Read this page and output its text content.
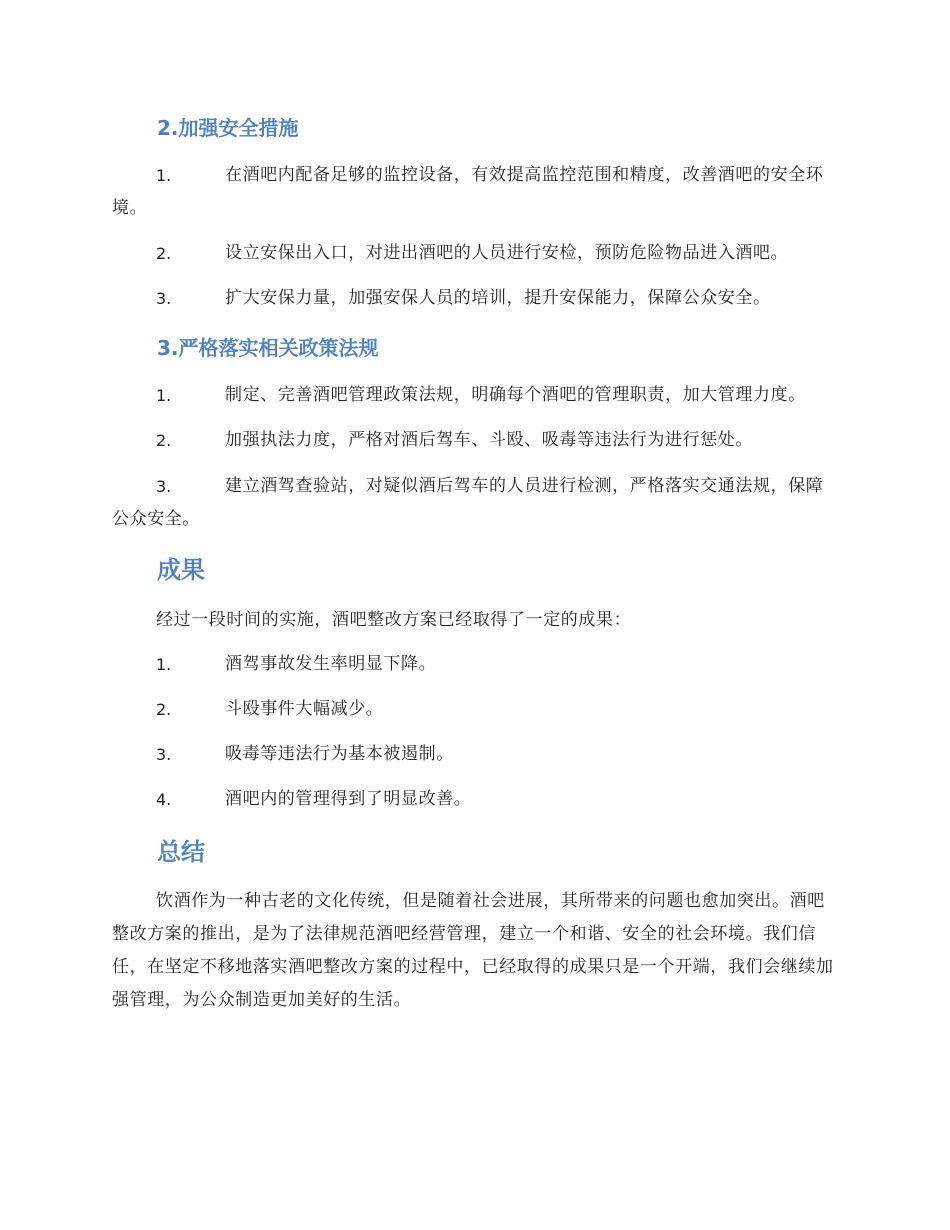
2.加强安全措施
1.	在酒吧内配备足够的监控设备，有效提高监控范围和精度，改善酒吧的安全环境。
2.	设立安保出入口，对进出酒吧的人员进行安检，预防危险物品进入酒吧。
3.	扩大安保力量，加强安保人员的培训，提升安保能力，保障公众安全。
3.严格落实相关政策法规
1.	制定、完善酒吧管理政策法规，明确每个酒吧的管理职责，加大管理力度。
2.	加强执法力度，严格对酒后驾车、斗殴、吸毒等违法行为进行惩处。
3.	建立酒驾查验站，对疑似酒后驾车的人员进行检测，严格落实交通法规，保障公众安全。
成果
经过一段时间的实施，酒吧整改方案已经取得了一定的成果：
1.	酒驾事故发生率明显下降。
2.	斗殴事件大幅减少。
3.	吸毒等违法行为基本被遏制。
4.	酒吧内的管理得到了明显改善。
总结
饮酒作为一种古老的文化传统，但是随着社会进展，其所带来的问题也愈加突出。酒吧整改方案的推出，是为了法律规范酒吧经营管理，建立一个和谐、安全的社会环境。我们信任，在坚定不移地落实酒吧整改方案的过程中，已经取得的成果只是一个开端，我们会继续加强管理，为公众制造更加美好的生活。
